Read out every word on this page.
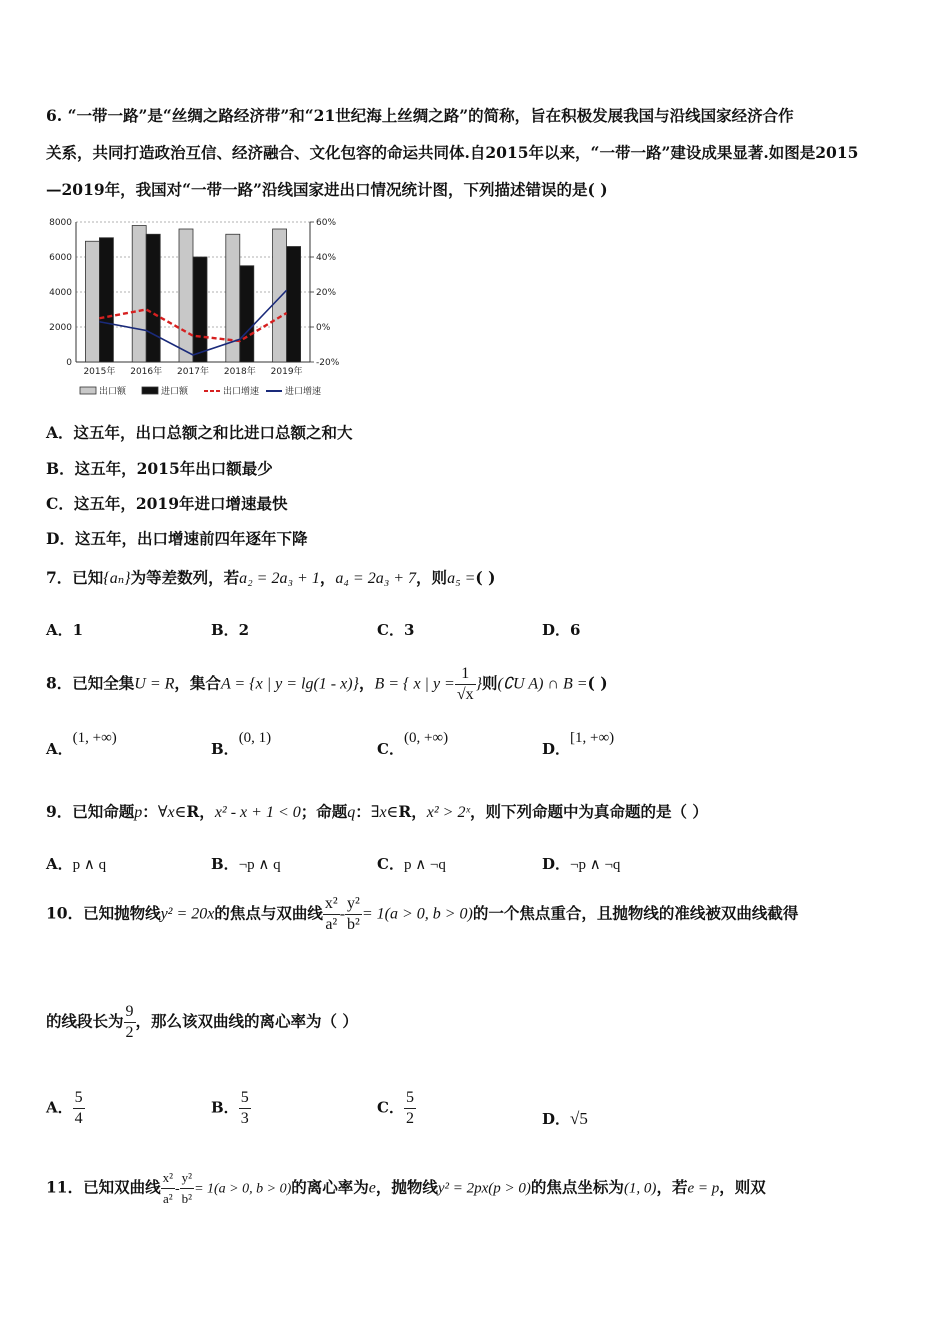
6. “一带一路”是“丝绸之路经济带”和“21世纪海上丝绸之路”的简称，旨在积极发展我国与沿线国家经济合作
关系，共同打造政治互信、经济融合、文化包容的命运共同体.自2015年以来，“一带一路”建设成果显著.如图是2015
—2019年，我国对“一带一路”沿线国家进出口情况统计图，下列描述错误的是( )
0
2000
4000
6000
8000
-20%
0%
20%
40%
60%
2015年 2016年 2017年 2018年 2019年
出口额	进口额	出口增速	进口增速
A．这五年，出口总额之和比进口总额之和大
B．这五年，2015年出口额最少
C．这五年，2019年进口增速最快
D．这五年，出口增速前四年逐年下降
7．已知{aₙ}为等差数列，若a₂ = 2a₃ + 1，a₄ = 2a₃ + 7，则a₅ =( )
A．1	B．2	C．3	D．6
8．已知全集U = R，集合A = {x | y = lg(1 - x)}，B = { x | $y = \frac{1}{√x}$ }则(∁U A) ∩ B =( )
A．(1, +∞)
B．(0, 1)
C．(0, +∞)
D．[1, +∞)
9．已知命题p：∀x∈R，x² - x + 1 < 0；命题q：∃x∈R，x² > 2ˣ，则下列命题中为真命题的是（ ）
A．p ∧ q	B．¬p ∧ q	C．p ∧ ¬q	D．¬p ∧ ¬q
10．已知抛物线y² = 20x的焦点与双曲线 $\frac{\text{x²}}{\text{a²}} - \frac{\text{y²}}{\text{b²}} = 1(a > 0$, b > 0)的一个焦点重合，且抛物线的准线被双曲线截得
的线段长为 $\frac{9}{2}$ ，那么该双曲线的离心率为（ ）
A． $\frac{5}{4}$	B． $\frac{5}{3}$	C． $\frac{5}{2}$	D．√5
11．已知双曲线 $\frac{\text{x²}}{\text{a²}} - \frac{\text{y²}}{\text{b²}} = 1(a > 0$, b > 0)的离心率为e，抛物线y² = 2px(p > 0)的焦点坐标为(1, 0)，若e = p，则双
